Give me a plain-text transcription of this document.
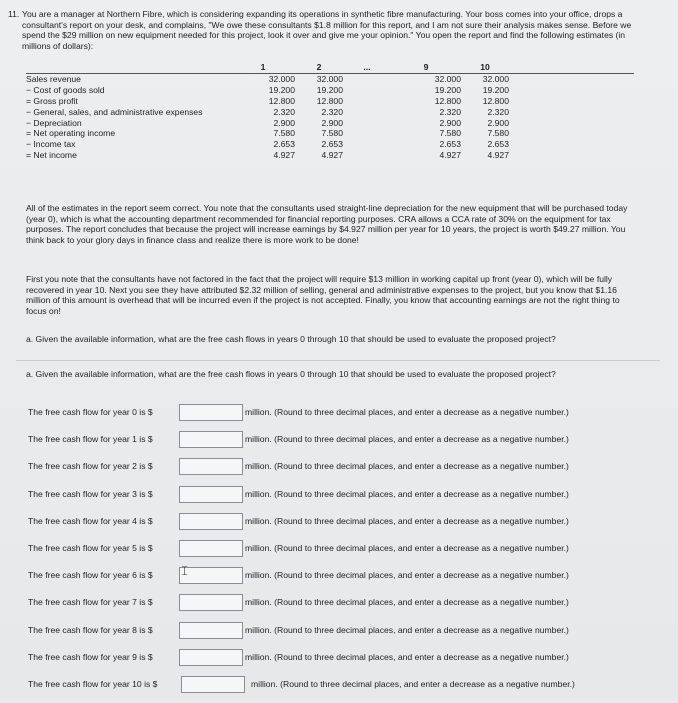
11. You are a manager at Northern Fibre, which is considering expanding its operations in synthetic fibre manufacturing. Your boss comes into your office, drops a consultant's report on your desk, and complains, "We owe these consultants $1.8 million for this report, and I am not sure their analysis makes sense. Before we spend the $29 million on new equipment needed for this project, look it over and give me your opinion." You open the report and find the following estimates (in millions of dollars):
	1	2	...	9	10	
Sales revenue	32.000	32.000		32.000	32.000	
− Cost of goods sold	19.200	19.200		19.200	19.200	
= Gross profit	12.800	12.800		12.800	12.800	
− General, sales, and administrative expenses	2.320	2.320		2.320	2.320	
− Depreciation	2.900	2.900		2.900	2.900	
= Net operating income	7.580	7.580		7.580	7.580	
− Income tax	2.653	2.653		2.653	2.653	
= Net income	4.927	4.927		4.927	4.927	
All of the estimates in the report seem correct. You note that the consultants used straight-line depreciation for the new equipment that will be purchased today (year 0), which is what the accounting department recommended for financial reporting purposes. CRA allows a CCA rate of 30% on the equipment for tax purposes. The report concludes that because the project will increase earnings by $4.927 million per year for 10 years, the project is worth $49.27 million. You think back to your glory days in finance class and realize there is more work to be done!
First you note that the consultants have not factored in the fact that the project will require $13 million in working capital up front (year 0), which will be fully recovered in year 10. Next you see they have attributed $2.32 million of selling, general and administrative expenses to the project, but you know that $1.16 million of this amount is overhead that will be incurred even if the project is not accepted. Finally, you know that accounting earnings are not the right thing to focus on!
a. Given the available information, what are the free cash flows in years 0 through 10 that should be used to evaluate the proposed project?
a. Given the available information, what are the free cash flows in years 0 through 10 that should be used to evaluate the proposed project?
The free cash flow for year 0 is $	million. (Round to three decimal places, and enter a decrease as a negative number.)
The free cash flow for year 1 is $	million. (Round to three decimal places, and enter a decrease as a negative number.)
The free cash flow for year 2 is $	million. (Round to three decimal places, and enter a decrease as a negative number.)
The free cash flow for year 3 is $	million. (Round to three decimal places, and enter a decrease as a negative number.)
The free cash flow for year 4 is $	million. (Round to three decimal places, and enter a decrease as a negative number.)
The free cash flow for year 5 is $	million. (Round to three decimal places, and enter a decrease as a negative number.)
The free cash flow for year 6 is $ 𝙸	million. (Round to three decimal places, and enter a decrease as a negative number.)
The free cash flow for year 7 is $	million. (Round to three decimal places, and enter a decrease as a negative number.)
The free cash flow for year 8 is $	million. (Round to three decimal places, and enter a decrease as a negative number.)
The free cash flow for year 9 is $	million. (Round to three decimal places, and enter a decrease as a negative number.)
The free cash flow for year 10 is $	million. (Round to three decimal places, and enter a decrease as a negative number.)
